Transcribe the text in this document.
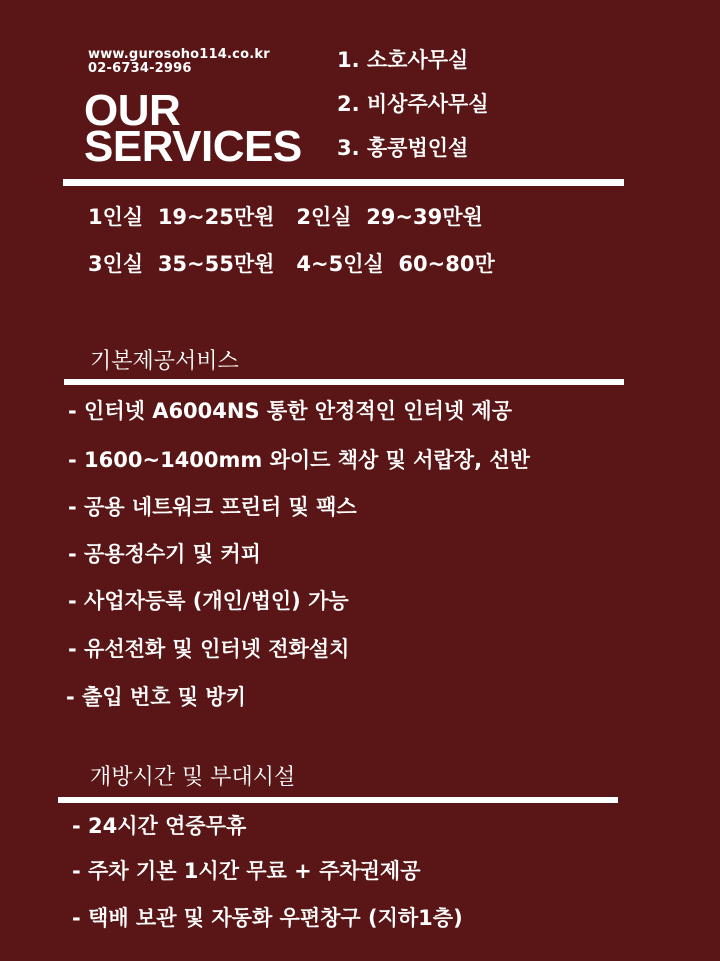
www.gurosoho114.co.kr
02-6734-2996
OUR
SERVICES
1. 소호사무실
2. 비상주사무실
3. 홍콩법인설
1인실 19~25만원 2인실 29~39만원
3인실 35~55만원 4~5인실 60~80만
기본제공서비스
- 인터넷 A6004NS 통한 안정적인 인터넷 제공
- 1600~1400mm 와이드 책상 및 서랍장, 선반
- 공용 네트워크 프린터 및 팩스
- 공용정수기 및 커피
- 사업자등록 (개인/법인) 가능
- 유선전화 및 인터넷 전화설치
- 출입 번호 및 방키
개방시간 및 부대시설
- 24시간 연중무휴
- 주차 기본 1시간 무료 + 주차권제공
- 택배 보관 및 자동화 우편창구 (지하1층)
